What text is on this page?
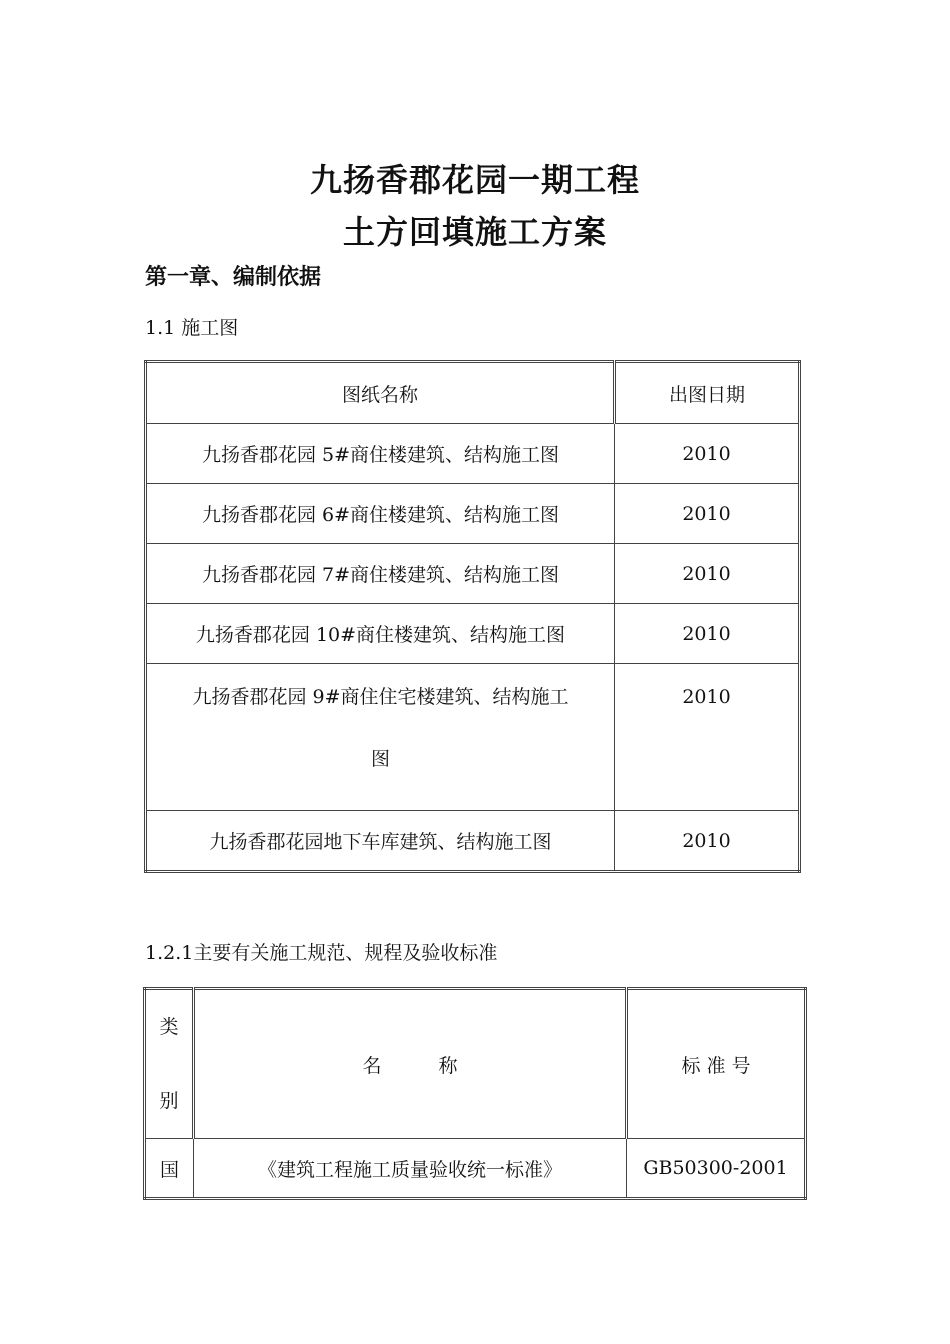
九扬香郡花园一期工程
土方回填施工方案
第一章、编制依据
1.1 施工图
图纸名称	出图日期
九扬香郡花园 5#商住楼建筑、结构施工图	2010
九扬香郡花园 6#商住楼建筑、结构施工图	2010
九扬香郡花园 7#商住楼建筑、结构施工图	2010
九扬香郡花园 10#商住楼建筑、结构施工图	2010

九扬香郡花园 9#商住住宅楼建筑、结构施工
图	2010
九扬香郡花园地下车库建筑、结构施工图	2010
1.2.1主要有关施工规范、规程及验收标准
类
别	名　　　称	标 准 号
国	《建筑工程施工质量验收统一标准》	GB50300-2001
